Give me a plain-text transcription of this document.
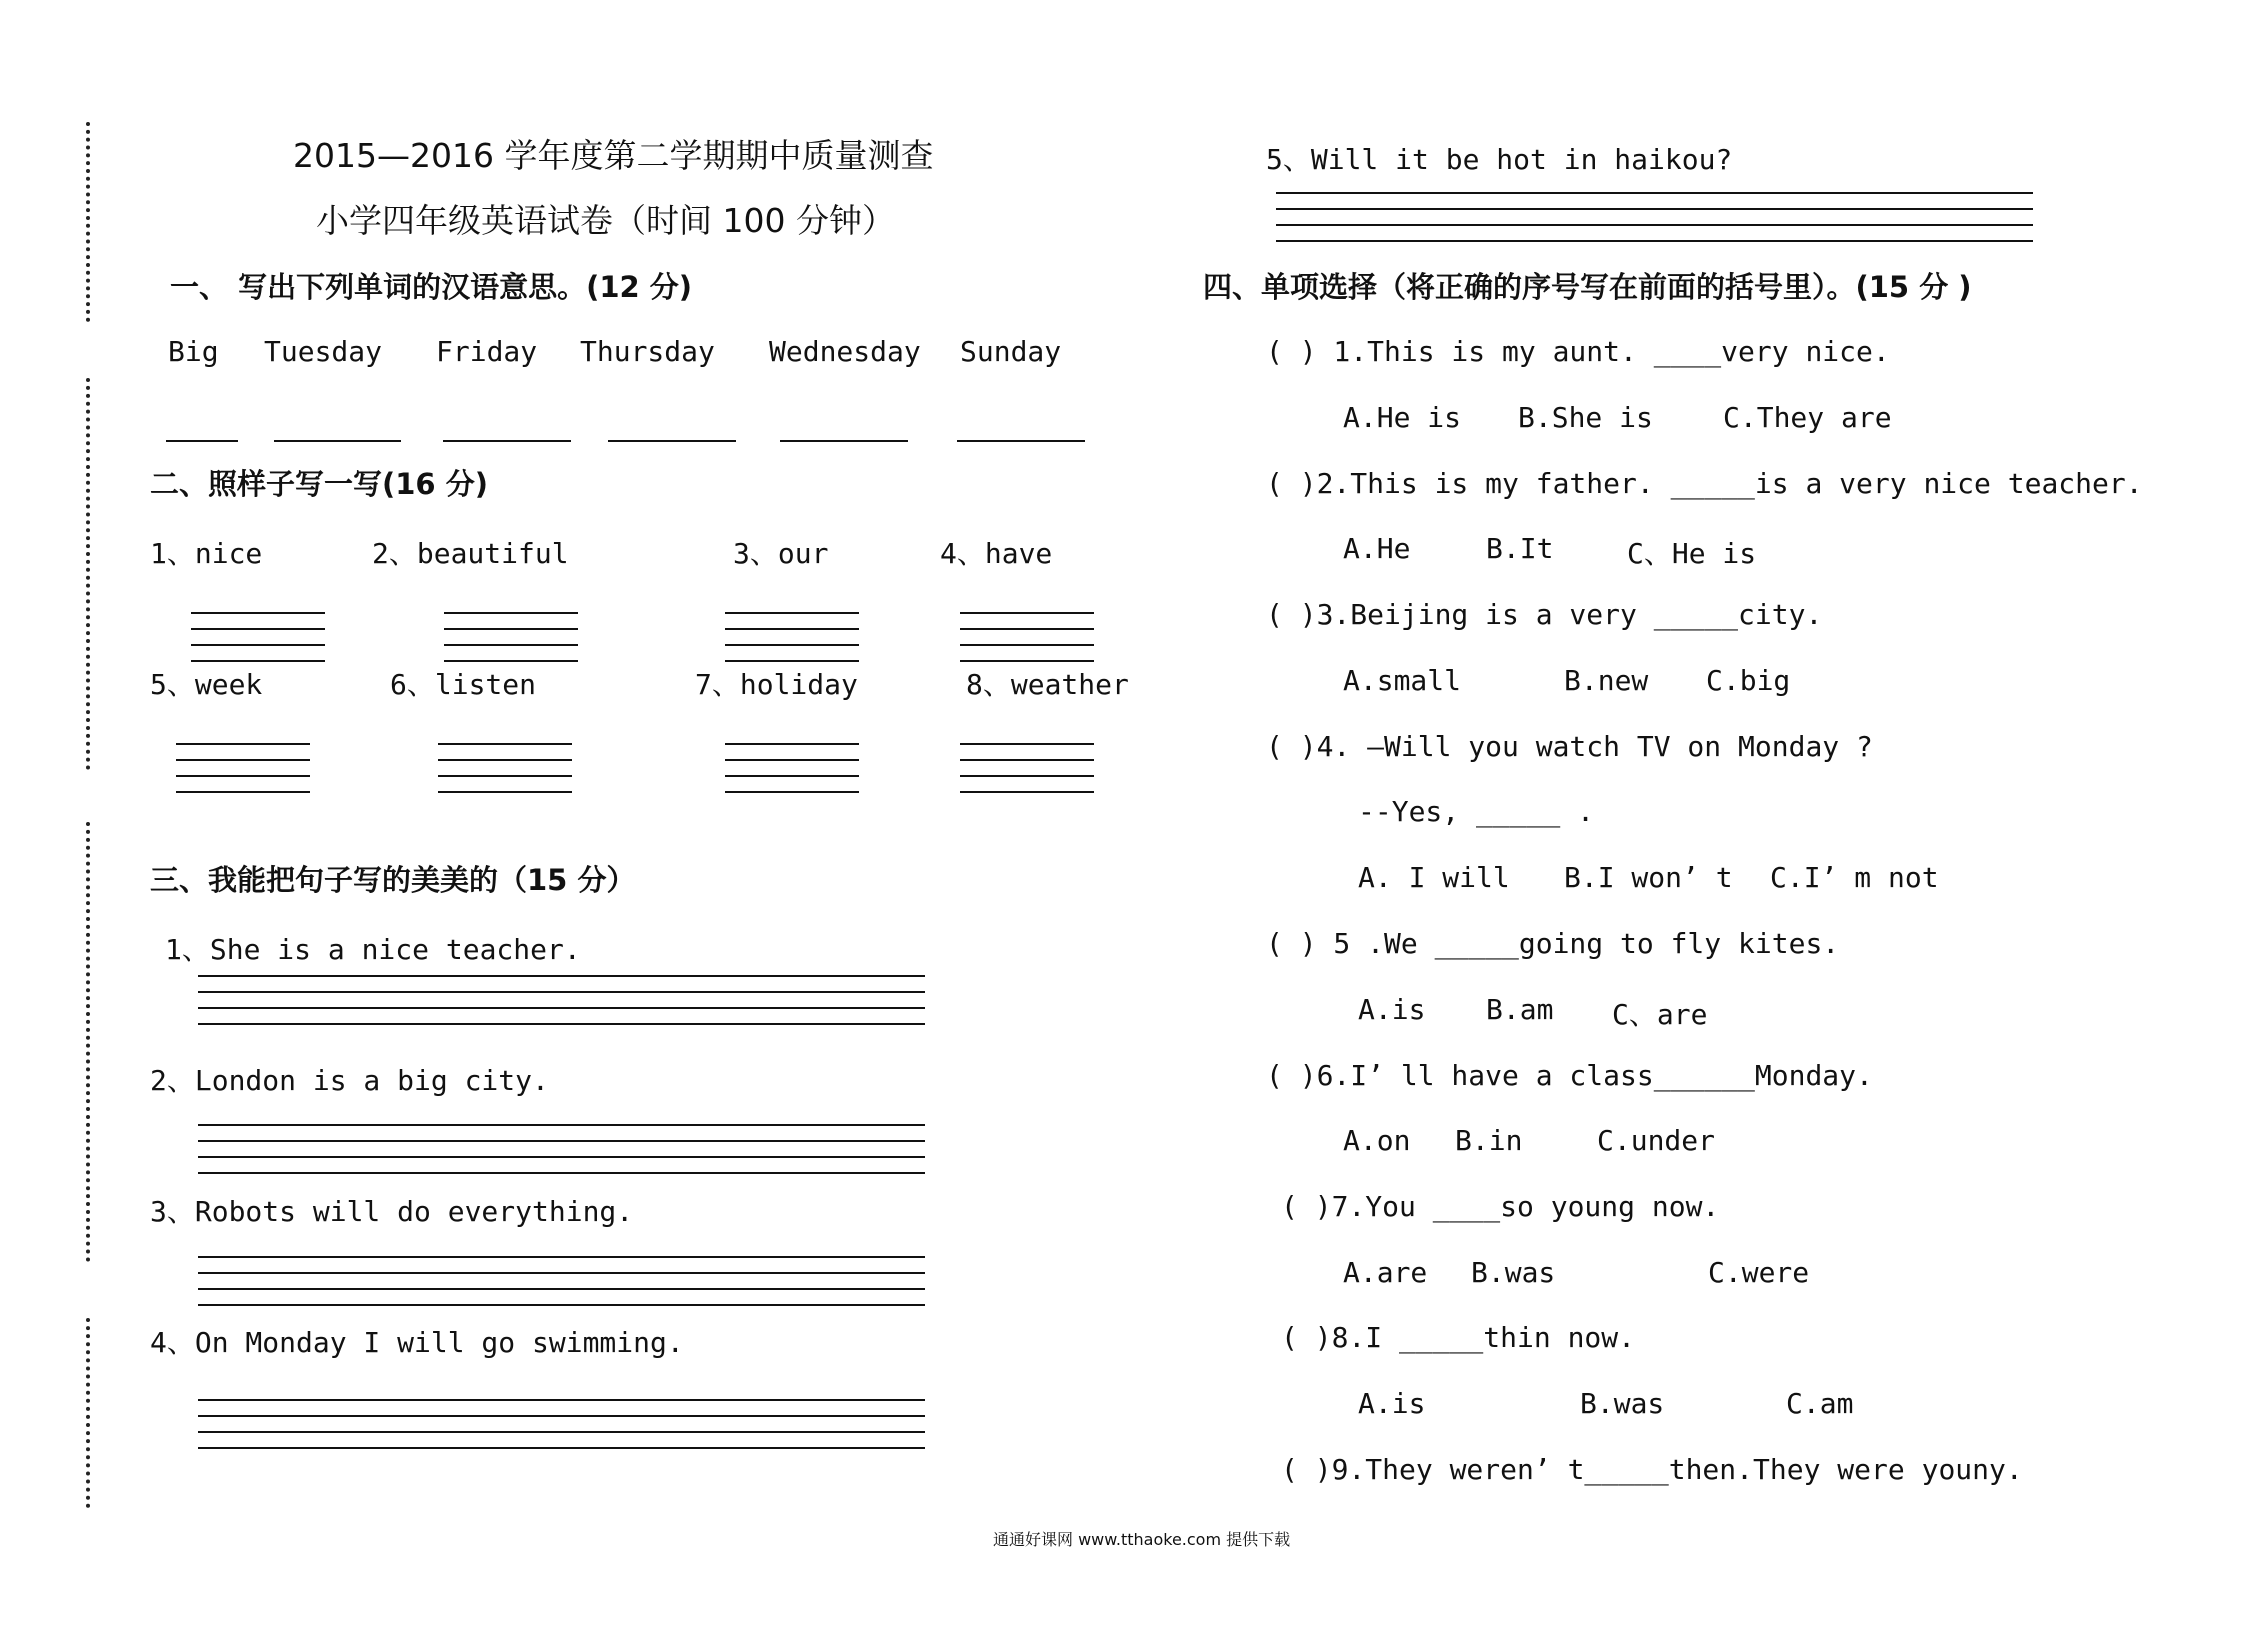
2015—2016 学年度第二学期期中质量测查
小学四年级英语试卷（时间 100 分钟）
一、 写出下列单词的汉语意思。(12 分)
Big Tuesday Friday Thursday Wednesday Sunday
二、照样子写一写(16 分)
1、nice	2、beautiful	3、our	4、have
5、week	6、listen	7、holiday	8、weather
三、我能把句子写的美美的（15 分）
1、She is a nice teacher.
2、London is a big city.
3、Robots will do everything.
4、On Monday I will go swimming.
5、Will it be hot in haikou?
四、单项选择（将正确的序号写在前面的括号里）。(15 分 )
( ) 1.This is my aunt. ____very nice.
A.He is B.She is	C.They are
( )2.This is my father. _____is a very nice teacher.
A.He	B.It	C、He is
( )3.Beijing is a very _____city.
A.small	B.new C.big
( )4. —Will you watch TV on Monday ?
--Yes, _____ .
A. I will B.I won’ t C.I’ m not
( ) 5 .We _____going to fly kites.
A.is B.am C、are
( )6.I’ ll have a class______Monday.
A.on B.in	C.under
( )7.You ____so young now.
A.are B.was	C.were
( )8.I _____thin now.
A.is	B.was	C.am
( )9.They weren’ t_____then.They were youny.
通通好课网 www.tthaoke.com 提供下载
